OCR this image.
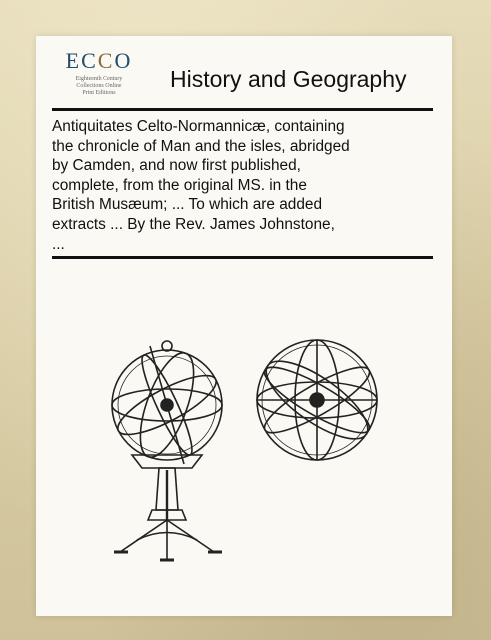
ECCO
Eighteenth Century
Collections Online
Print Editions
History and Geography

Antiquitates Celto-Normannicæ, containing
the chronicle of Man and the isles, abridged
by Camden, and now first published,
complete, from the original MS. in the
British Musæum; ... To which are added
extracts ... By the Rev. James Johnstone,
...
